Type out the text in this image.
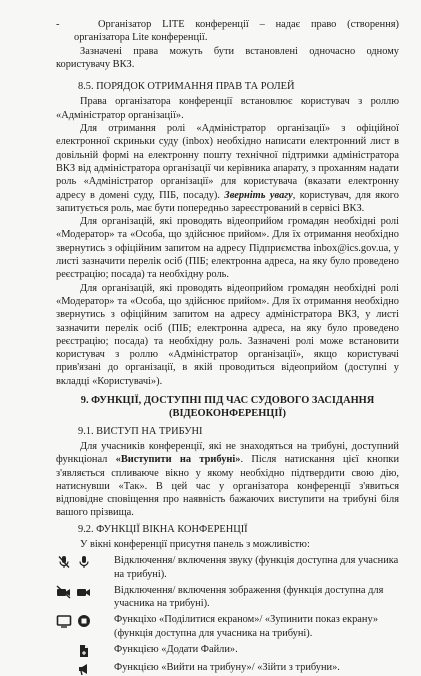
-	Організатор LITE конференції – надає право (створення) організатора Lite конференції.

Зазначені права можуть бути встановлені одночасно одному користувачу ВКЗ.

8.5. ПОРЯДОК ОТРИМАННЯ ПРАВ ТА РОЛЕЙ

Права організатора конференції встановлює користувач з роллю «Адміністратор організації».

Для отримання ролі «Адміністратор організації» з офіційної електронної скриньки суду (inbox) необхідно написати електронний лист в довільній формі на електронну пошту технічної підтримки адміністратора ВКЗ від адміністратора організації чи керівника апарату, з проханням надати роль «Адміністратор організації» для користувача (вказати електронну адресу в домені суду, ПІБ, посаду). Зверніть увагу, користувач, для якого запитується роль, має бути попередньо зареєстрований в сервісі ВКЗ.

Для організацій, які проводять відеоприйом громадян необхідні ролі «Модератор» та «Особа, що здійснює прийом». Для їх отримання необхідно звернутись з офіційним запитом на адресу Підприємства inbox@ics.gov.ua, у листі зазначити перелік осіб (ПІБ; електронна адреса, на яку було проведено реєстрацію; посада) та необхідну роль.

Для організацій, які проводять відеоприйом громадян необхідні ролі «Модератор» та «Особа, що здійснює прийом». Для їх отримання необхідно звернутись з офіційним запитом на адресу адміністратора ВКЗ, у листі зазначити перелік осіб (ПІБ; електронна адреса, на яку було проведено реєстрацію; посада) та необхідну роль. Зазначені ролі може встановити користувач з роллю «Адміністратор організації», якщо користувачі прив'язані до організації, в якій проводиться відеоприйом (доступні у вкладці «Користувачі»).

9. ФУНКЦІЇ, ДОСТУПНІ ПІД ЧАС СУДОВОГО ЗАСІДАННЯ
(ВІДЕОКОНФЕРЕНЦІЇ)

9.1. ВИСТУП НА ТРИБУНІ

Для учасників конференції, які не знаходяться на трибуні, доступний функціонал «Виступити на трибуні». Після натискання цієї кнопки з'являється спливаюче вікно у якому необхідно підтвердити свою дію, натиснувши «Так». В цей час у організатора конференції з'явиться відповідне сповіщення про наявність бажаючих виступити на трибуні біля вашого прізвища.

9.2. ФУНКЦІЇ ВІКНА КОНФЕРЕНЦІЇ

У вікні конференції присутня панель з можливістю:

Відключення/ включення звуку (функція доступна для учасника на трибуні).
Відключення/ включення зображення (функція доступна для учасника на трибуні).
Функціхо «Поділитися екраном»/ «Зупинити показ екрану» (функція доступна для учасника на трибуні).
Функцією «Додати Файли».
Функцією «Вийти на трибуну»/ «Зійти з трибуни».
